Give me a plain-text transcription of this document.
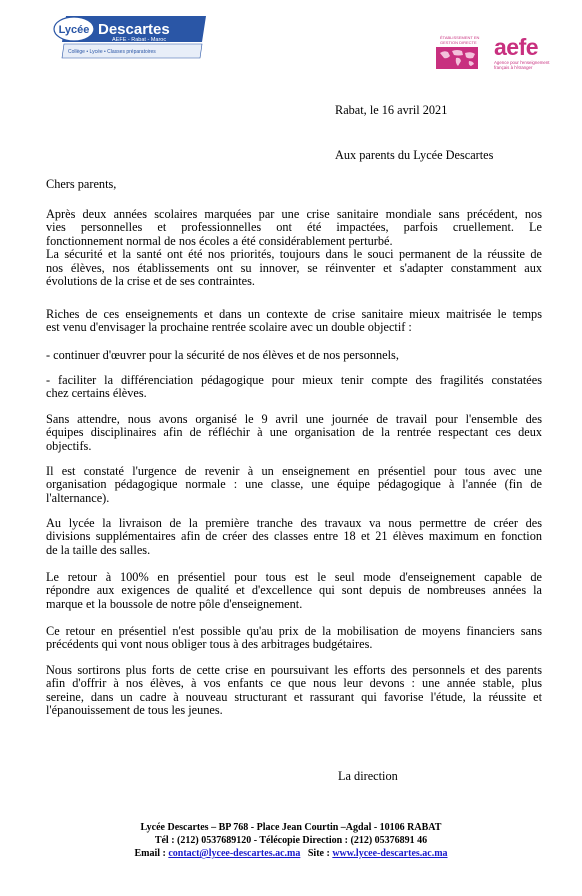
Lycée Descartes
AEFE - Rabat - Maroc
Collège • Lycée • Classes préparatoires
ÉTABLISSEMENT EN GESTION DIRECTE aefe
Agence pour l'enseignement français à l'étranger
Rabat, le 16 avril 2021
Aux parents du Lycée Descartes
Chers parents,
Après deux années scolaires marquées par une crise sanitaire mondiale sans précédent, nos
vies personnelles et professionnelles ont été impactées, parfois cruellement. Le
fonctionnement normal de nos écoles a été considérablement perturbé.
La sécurité et la santé ont été nos priorités, toujours dans le souci permanent de la réussite de
nos élèves, nos établissements ont su innover, se réinventer et s'adapter constamment aux
évolutions de la crise et de ses contraintes.
Riches de ces enseignements et dans un contexte de crise sanitaire mieux maitrisée le temps
est venu d'envisager la prochaine rentrée scolaire avec un double objectif :
- continuer d'œuvrer pour la sécurité de nos élèves et de nos personnels,
- faciliter la différenciation pédagogique pour mieux tenir compte des fragilités constatées
chez certains élèves.
Sans attendre, nous avons organisé le 9 avril une journée de travail pour l'ensemble des
équipes disciplinaires afin de réfléchir à une organisation de la rentrée respectant ces deux
objectifs.
Il est constaté l'urgence de revenir à un enseignement en présentiel pour tous avec une
organisation pédagogique normale : une classe, une équipe pédagogique à l'année (fin de
l'alternance).
Au lycée la livraison de la première tranche des travaux va nous permettre de créer des
divisions supplémentaires afin de créer des classes entre 18 et 21 élèves maximum en fonction
de la taille des salles.
Le retour à 100% en présentiel pour tous est le seul mode d'enseignement capable de
répondre aux exigences de qualité et d'excellence qui sont depuis de nombreuses années la
marque et la boussole de notre pôle d'enseignement.
Ce retour en présentiel n'est possible qu'au prix de la mobilisation de moyens financiers sans
précédents qui vont nous obliger tous à des arbitrages budgétaires.
Nous sortirons plus forts de cette crise en poursuivant les efforts des personnels et des parents
afin d'offrir à nos élèves, à vos enfants ce que nous leur devons : une année stable, plus
sereine, dans un cadre à nouveau structurant et rassurant qui favorise l'étude, la réussite et
l'épanouissement de tous les jeunes.
La direction
Lycée Descartes – BP 768 - Place Jean Courtin –Agdal - 10106 RABAT
Tél : (212) 0537689120 - Télécopie Direction : (212) 05376891 46
Email : contact@lycee-descartes.ac.ma Site : www.lycee-descartes.ac.ma
